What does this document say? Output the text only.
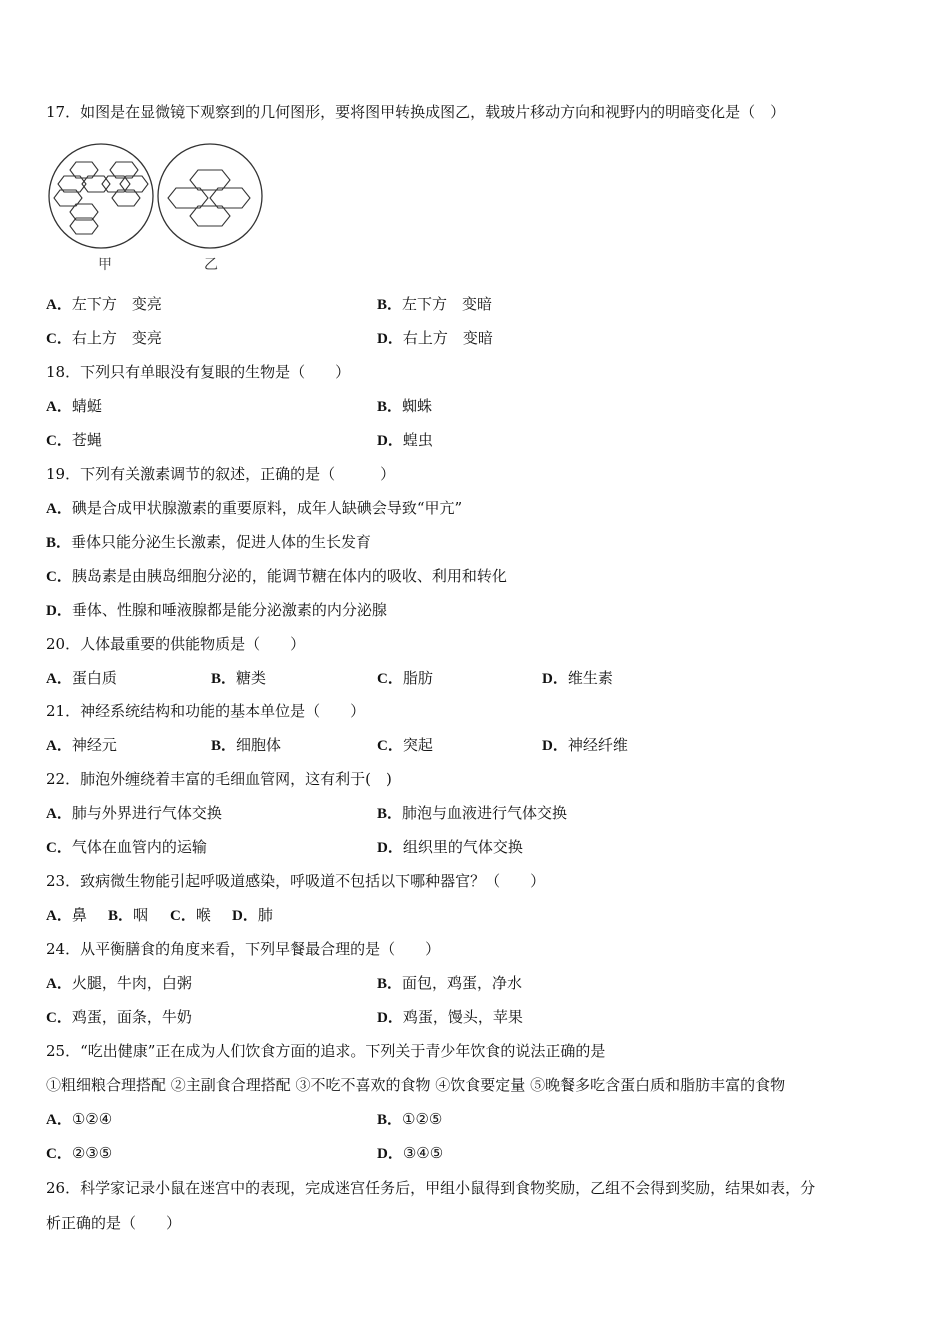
17．如图是在显微镜下观察到的几何图形，要将图甲转换成图乙，载玻片移动方向和视野内的明暗变化是（　）
甲	乙
A．左下方　变亮	B．左下方　变暗
C．右上方　变亮	D．右上方　变暗
18．下列只有单眼没有复眼的生物是（　　）
A．蜻蜓	B．蜘蛛
C．苍蝇	D．蝗虫
19．下列有关激素调节的叙述，正确的是（　　　）
A．碘是合成甲状腺激素的重要原料，成年人缺碘会导致“甲亢”
B．垂体只能分泌生长激素，促进人体的生长发育
C．胰岛素是由胰岛细胞分泌的，能调节糖在体内的吸收、利用和转化
D．垂体、性腺和唾液腺都是能分泌激素的内分泌腺
20．人体最重要的供能物质是（　　）
A．蛋白质	B．糖类	C．脂肪	D．维生素
21．神经系统结构和功能的基本单位是（　　）
A．神经元	B．细胞体	C．突起	D．神经纤维
22．肺泡外缠绕着丰富的毛细血管网，这有利于(　)
A．肺与外界进行气体交换	B．肺泡与血液进行气体交换
C．气体在血管内的运输	D．组织里的气体交换
23．致病微生物能引起呼吸道感染，呼吸道不包括以下哪种器官？（　　）
A．鼻 B．咽 C．喉 D．肺
24．从平衡膳食的角度来看，下列早餐最合理的是（　　）
A．火腿，牛肉，白粥	B．面包，鸡蛋，净水
C．鸡蛋，面条，牛奶	D．鸡蛋，馒头，苹果
25．“吃出健康”正在成为人们饮食方面的追求。下列关于青少年饮食的说法正确的是
①粗细粮合理搭配 ②主副食合理搭配 ③不吃不喜欢的食物 ④饮食要定量 ⑤晚餐多吃含蛋白质和脂肪丰富的食物
A．①②④	B．①②⑤
C．②③⑤	D．③④⑤
26．科学家记录小鼠在迷宫中的表现，完成迷宫任务后，甲组小鼠得到食物奖励，乙组不会得到奖励，结果如表，分
析正确的是（　　）
